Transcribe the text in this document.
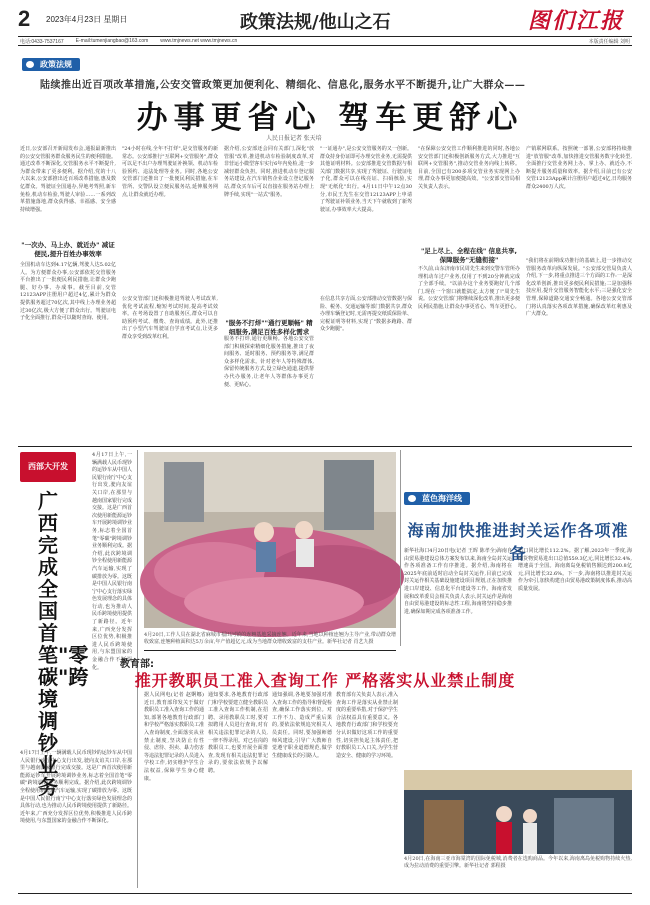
2 2023年4月23日 星期日	政策法规/他山之石	图们江报
电话:0433-7537167 E-mail:tumenjiangbao@163.com www.tmjnews.net www.tmjnews.cn	本版责任编辑 刘明
政策法规
陆续推出近百项改革措施,公安交管政策更加便利化、精细化、信息化,服务水平不断提升,让广大群众——
办事更省心 驾车更舒心
人民日报记者 张天培
近日,公安部召开新闻发布会,通报最新推出的公安交管服务群众服务民生的便利措施。通过改革不断深化,交管服务水平不断提升,为群众带来了更多便利。据介绍,党的十八大以来,公安部推出近百项改革措施,惠及数亿群众。驾驶证全国通办,异地考驾照,新车免检,机动车检验,驾驶人审验……一系列改革措施落地,群众获得感、幸福感、安全感持续增强。
"一次办、马上办、就近办" 减证便民,提升百姓办事效率
全国机动车达到4.17亿辆,驾驶人达5.02亿人。为方便群众办事,公安部依托交管服务平台推出了一批便民利民措施,让群众少跑腿、好办事、办成事。截至目前,交管12123APP注册用户超过4亿,累计为群众提供服务超过70亿次,其中线上办理业务超过30亿次,极大方便了群众出行。驾驶证电子化全面推行,群众可以随时查询、使用。
"24小时在线,全年不打烊",是交管服务的新常态。公安部推行"互联网+交管服务",群众可以足不出户办理驾驶证补换领、机动车检验预约、违法处理等业务。同时,各地公安交管部门还推出了一批便民利民措施,在车管所、交警队设立便民服务站,延伸服务网点,让群众就近办理。
公安交管部门还积极推进驾驶人考试改革,优化考试流程,缩短考试时间,提高考试效率。在考场设置了自助服务区,群众可以自助预约考试、缴费、查询成绩。此外,还推出了小型汽车驾驶证自学直考试点,让更多群众享受到改革红利。
据介绍,公安部还会同有关部门,深化"放管服"改革,推进机动车检验制度改革,对非营运小微型客车实行6年内免检,进一步减轻群众负担。同时,推进机动车登记服务站建设,在汽车销售企业设立登记服务站,群众买车后可以直接在服务站办理上牌手续,实现"一站式"服务。
"服务不打烊""通行更顺畅" 精细服务,满足百姓多样化需求
服务不打烊,通行更顺畅。各地公安交管部门积极探索精细化服务措施,推出了夜间服务、延时服务、预约服务等,满足群众多样化需求。针对老年人等特殊群体,保留传统服务方式,设立绿色通道,提供帮办代办服务,让老年人等群体办事更方便、更贴心。
"一证通办",是公安交管服务的又一创新。群众持身份证即可办理交管业务,无需提供其他证明材料。公安部推进交管数据与相关部门数据共享,实现了驾驶证、行驶证电子化,群众可以在线亮证、扫码核验,实现"无纸化"出行。4月11日中午12点30分,市民王先生在交管12123APP上申请了驾驶证补领业务,当天下午就收到了新驾驶证,办事效率大大提高。
在信息共享方面,公安部推动交管数据与保险、税务、交通运输等部门数据共享,群众办理车辆登记时,无需再提交纸质保险单、完税证明等材料,实现了"数据多跑路、群众少跑腿"。
"在保障公安交管工作顺利推进的同时,各地公安交管部门还积极创新服务方式,大力推进"互联网+交管服务",推动交管业务向线上转移。目前,全国已有200多项交管业务实现网上办理,群众办事更加便捷高效。"公安部交管局相关负责人表示。
"足上尽上、全程在线" 信息共享,保障服务"无缝衔接"
不久前,山东济南市民周先生来到交警车管所办理机动车过户业务,仅用了不到20分钟就完成了全部手续。"以前办这个业务要跑好几个部门,现在一个窗口就能搞定,太方便了!"周先生说。公安交管部门将继续深化改革,推出更多便民利民措施,让群众办事更省心、驾车更舒心。
产销联网联系。按照统一部署,公安部将持续推进"放管服"改革,加快推进交管服务数字化转型,全面推行交管业务网上办、掌上办、就近办,不断提升服务质量和效率。据介绍,目前已有公安交管12123App累计注册用户超过4亿,日均服务群众2400万人次。
"我们将在前期成功推行的基础上,进一步推动交管服务改革向纵深发展。"公安部交管局负责人介绍,下一步,将重点推进三个方面的工作:一是深化改革创新,推出更多便民利民措施;二是加强科技应用,提升交管服务智能化水平;三是强化安全管理,保障道路交通安全畅通。各地公安交管部门将认真落实各项改革措施,确保改革红利惠及广大群众。
西部大开发
广西完成全国首笔"零碳"跨境调钞业务
4月17日上午,一辆满载人民币现钞的运钞车从中国人民银行南宁中心支行出发,驶向友谊关口岸,在那里与越南国家银行完成交接。这是广西首次使用新能源运钞车开展跨境调钞业务,标志着全国首笔"零碳"跨境调钞业务顺利完成。据介绍,此次跨境调钞全程使用新能源汽车运输,实现了碳排放为零。这既是中国人民银行南宁中心支行落实绿色发展理念的具体行动,也为推动人民币跨境使用提供了新路径。近年来,广西充分发挥区位优势,积极推进人民币跨境使用,与东盟国家的金融合作不断深化。
4月17日上午,一辆满载人民币现钞的运钞车从中国人民银行南宁中心支行出发,驶向友谊关口岸,在那里与越南国家银行完成交接。这是广西首次使用新能源运钞车开展跨境调钞业务,标志着全国首笔"零碳"跨境调钞业务顺利完成。据介绍,此次跨境调钞全程使用新能源汽车运输,实现了碳排放为零。这既是中国人民银行南宁中心支行落实绿色发展理念的具体行动,也为推动人民币跨境使用提供了新路径。近年来,广西充分发挥区位优势,积极推进人民币跨境使用,与东盟国家的金融合作不断深化。
4月20日,工作人员在湖北省麻城市福田河镇的连翘基地采摘连翘。近年来,当地以种植连翘为主导产业,带动群众增收致富,连翘种植面积达5万余亩,年产值超亿元,成为当地群众增收致富的支柱产业。新华社记者 肖艺九摄
蓝色海洋线
海南加快推进封关运作各项准备
新华社海口4月20日电(记者 王晖 陈孝全)海南自由贸易港建设总体方案发布以来,海南全岛封关运作各项准备工作有序推进。据介绍,海南将在2025年底前适时启动全岛封关运作,目前已完成封关运作相关基础设施建设项目规划,正在加快推进口岸建设、信息化平台建设等工作。海南省发展和改革委员会相关负责人表示,封关运作是海南自由贸易港建设的标志性工程,海南将坚持稳步推进,确保如期完成各项准备工作。
出口同比增长112.2%。据了解,2023年一季度,海南货物贸易进出口总值559.3亿元,同比增长32.4%,增速高于全国。海南离岛免税销售额达到200.8亿元,同比增长32.6%。下一步,海南将以推进封关运作为牵引,加快构建自由贸易港政策制度体系,推动高质量发展。
4月20日,在海南三亚市海棠湾的国际免税城,消费者在选购商品。今年以来,海南离岛免税购物持续火热,成为拉动消费的重要引擎。新华社记者 郭程摄
教育部:
推开教职员工准入查询工作 严格落实从业禁止制度
据人民网电(记者 赵婀娜)近日,教育部印发关于做好教职员工准入查询工作的通知,部署各地教育行政部门和学校严格落实教职员工准入查询制度,全面落实从业禁止制度,坚决防止有性侵、虐待、拐卖、暴力伤害等违法犯罪记录的人员进入学校工作,切实维护学生合法权益,保障学生身心健康。
通知要求,各地教育行政部门和学校要建立健全教职员工准入查询工作机制,在招聘、录用教职员工时,要对拟聘用人员进行查询,对有相关违法犯罪记录的人员,一律不得录用。对已在岗的教职员工,也要开展全面排查,发现有相关违法犯罪记录的,要依法依规予以解聘。
通知强调,各地要加强对准入查询工作的指导和督促检查,确保工作落实到位。对工作不力、造成严重后果的,要依法依规追究相关人员责任。同时,要加强师德师风建设,引导广大教师自觉遵守职业道德规范,做学生健康成长的引路人。
教育部有关负责人表示,准入查询工作是落实从业禁止制度的重要举措,对于保护学生合法权益具有重要意义。各地教育行政部门和学校要充分认识做好这项工作的重要性,切实担负起主体责任,把好教职员工入口关,为学生营造安全、健康的学习环境。
